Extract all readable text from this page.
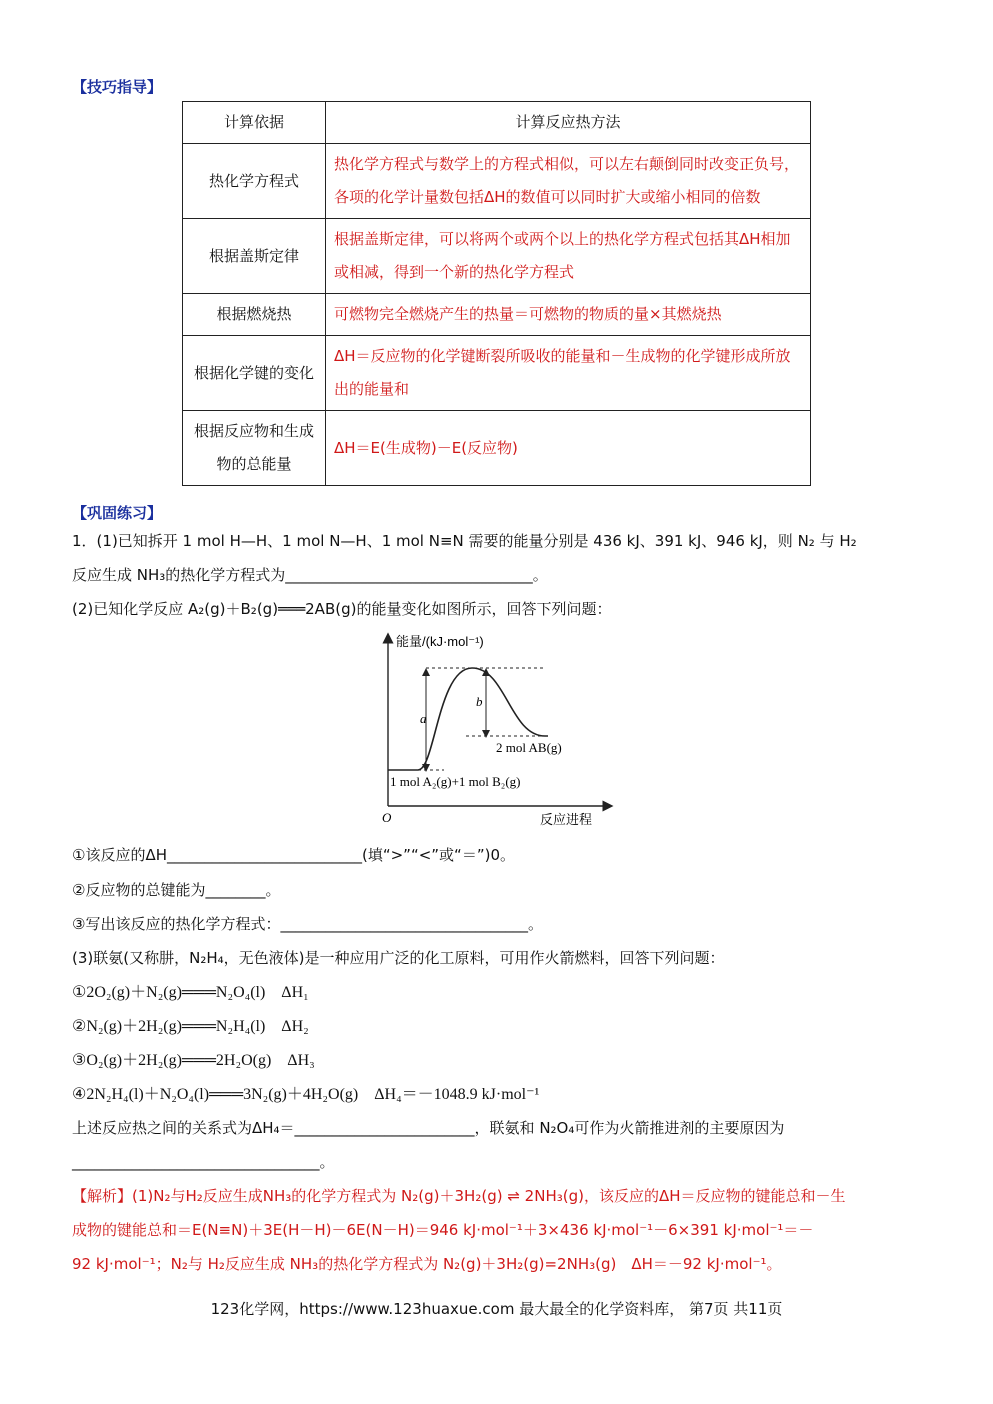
【技巧指导】
计算依据	计算反应热方法
热化学方程式	热化学方程式与数学上的方程式相似，可以左右颠倒同时改变正负号，各项的化学计量数包括ΔH的数值可以同时扩大或缩小相同的倍数
根据盖斯定律	根据盖斯定律，可以将两个或两个以上的热化学方程式包括其ΔH相加或相减，得到一个新的热化学方程式
根据燃烧热	可燃物完全燃烧产生的热量＝可燃物的物质的量×其燃烧热
根据化学键的变化	ΔH＝反应物的化学键断裂所吸收的能量和－生成物的化学键形成所放出的能量和
根据反应物和生成物的总能量	ΔH＝E(生成物)－E(反应物)
【巩固练习】
1．(1)已知拆开 1 mol H—H、1 mol N—H、1 mol N≡N 需要的能量分别是 436 kJ、391 kJ、946 kJ，则 N₂ 与 H₂
反应生成 NH₃的热化学方程式为_________________________________。
(2)已知化学反应 A₂(g)＋B₂(g)═══2AB(g)的能量变化如图所示，回答下列问题：
能量/(kJ·mol⁻¹)
反应进程
O
a
b
2 mol AB(g)
1 mol A₂(g)+1 mol B₂(g)
①该反应的ΔH__________________________(填“>”“<”或“＝”)0。
②反应物的总键能为________。
③写出该反应的热化学方程式：_________________________________。
(3)联氨(又称肼，N₂H₄，无色液体)是一种应用广泛的化工原料，可用作火箭燃料，回答下列问题：
①2O₂(g)＋N₂(g)═══N₂O₄(l)　ΔH₁
②N₂(g)＋2H₂(g)═══N₂H₄(l)　ΔH₂
③O₂(g)＋2H₂(g)═══2H₂O(g)　ΔH₃
④2N₂H₄(l)＋N₂O₄(l)═══3N₂(g)＋4H₂O(g)　ΔH₄＝－1048.9 kJ·mol⁻¹
上述反应热之间的关系式为ΔH₄＝________________________，联氨和 N₂O₄可作为火箭推进剂的主要原因为
_________________________________。
【解析】(1)N₂与H₂反应生成NH₃的化学方程式为 N₂(g)＋3H₂(g) ⇌ 2NH₃(g)，该反应的ΔH＝反应物的键能总和－生
成物的键能总和＝E(N≡N)＋3E(H－H)－6E(N－H)＝946 kJ·mol⁻¹＋3×436 kJ·mol⁻¹－6×391 kJ·mol⁻¹＝－
92 kJ·mol⁻¹；N₂与 H₂反应生成 NH₃的热化学方程式为 N₂(g)＋3H₂(g)=2NH₃(g)　ΔH＝－92 kJ·mol⁻¹。
123化学网，https://www.123huaxue.com 最大最全的化学资料库， 第7页 共11页
